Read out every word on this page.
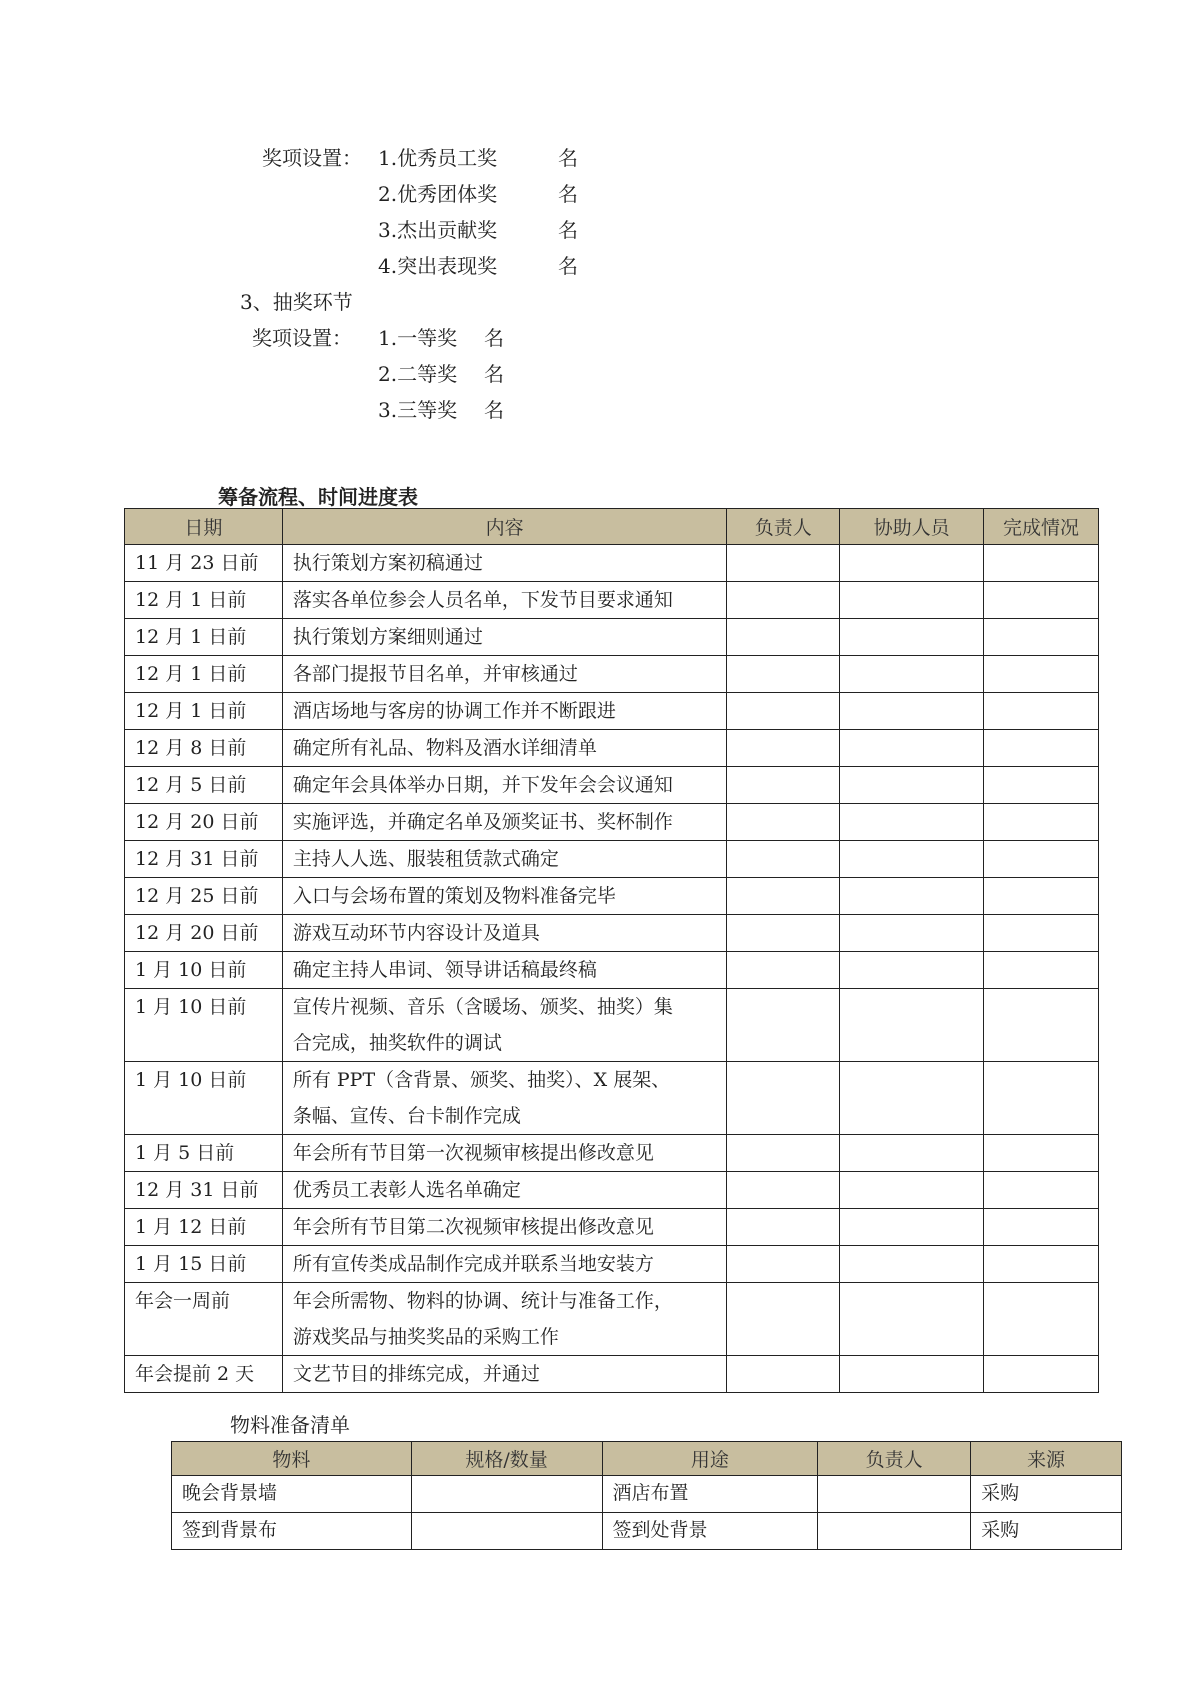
奖项设置： 1.优秀员工奖	名
2.优秀团体奖	名
3.杰出贡献奖	名
4.突出表现奖	名
3、抽奖环节
奖项设置： 1.一等奖 名
2.二等奖 名
3.三等奖 名
筹备流程、时间进度表
日期	内容	负责人	协助人员	完成情况
11 月 23 日前	执行策划方案初稿通过			
12 月 1 日前	落实各单位参会人员名单，下发节目要求通知			
12 月 1 日前	执行策划方案细则通过			
12 月 1 日前	各部门提报节目名单，并审核通过			
12 月 1 日前	酒店场地与客房的协调工作并不断跟进			
12 月 8 日前	确定所有礼品、物料及酒水详细清单			
12 月 5 日前	确定年会具体举办日期，并下发年会会议通知			
12 月 20 日前	实施评选，并确定名单及颁奖证书、奖杯制作			
12 月 31 日前	主持人人选、服装租赁款式确定			
12 月 25 日前	入口与会场布置的策划及物料准备完毕			
12 月 20 日前	游戏互动环节内容设计及道具			
1 月 10 日前	确定主持人串词、领导讲话稿最终稿			
1 月 10 日前	宣传片视频、音乐（含暖场、颁奖、抽奖）集
合完成，抽奖软件的调试			

1 月 10 日前	所有 PPT（含背景、颁奖、抽奖）、X 展架、
条幅、宣传、台卡制作完成			

1 月 5 日前	年会所有节目第一次视频审核提出修改意见			
12 月 31 日前	优秀员工表彰人选名单确定			
1 月 12 日前	年会所有节目第二次视频审核提出修改意见			
1 月 15 日前	所有宣传类成品制作完成并联系当地安装方			
年会一周前	年会所需物、物料的协调、统计与准备工作，
游戏奖品与抽奖奖品的采购工作			

年会提前 2 天	文艺节目的排练完成，并通过			
物料准备清单
物料	规格/数量	用途	负责人	来源
晚会背景墙		酒店布置		采购
签到背景布		签到处背景		采购
